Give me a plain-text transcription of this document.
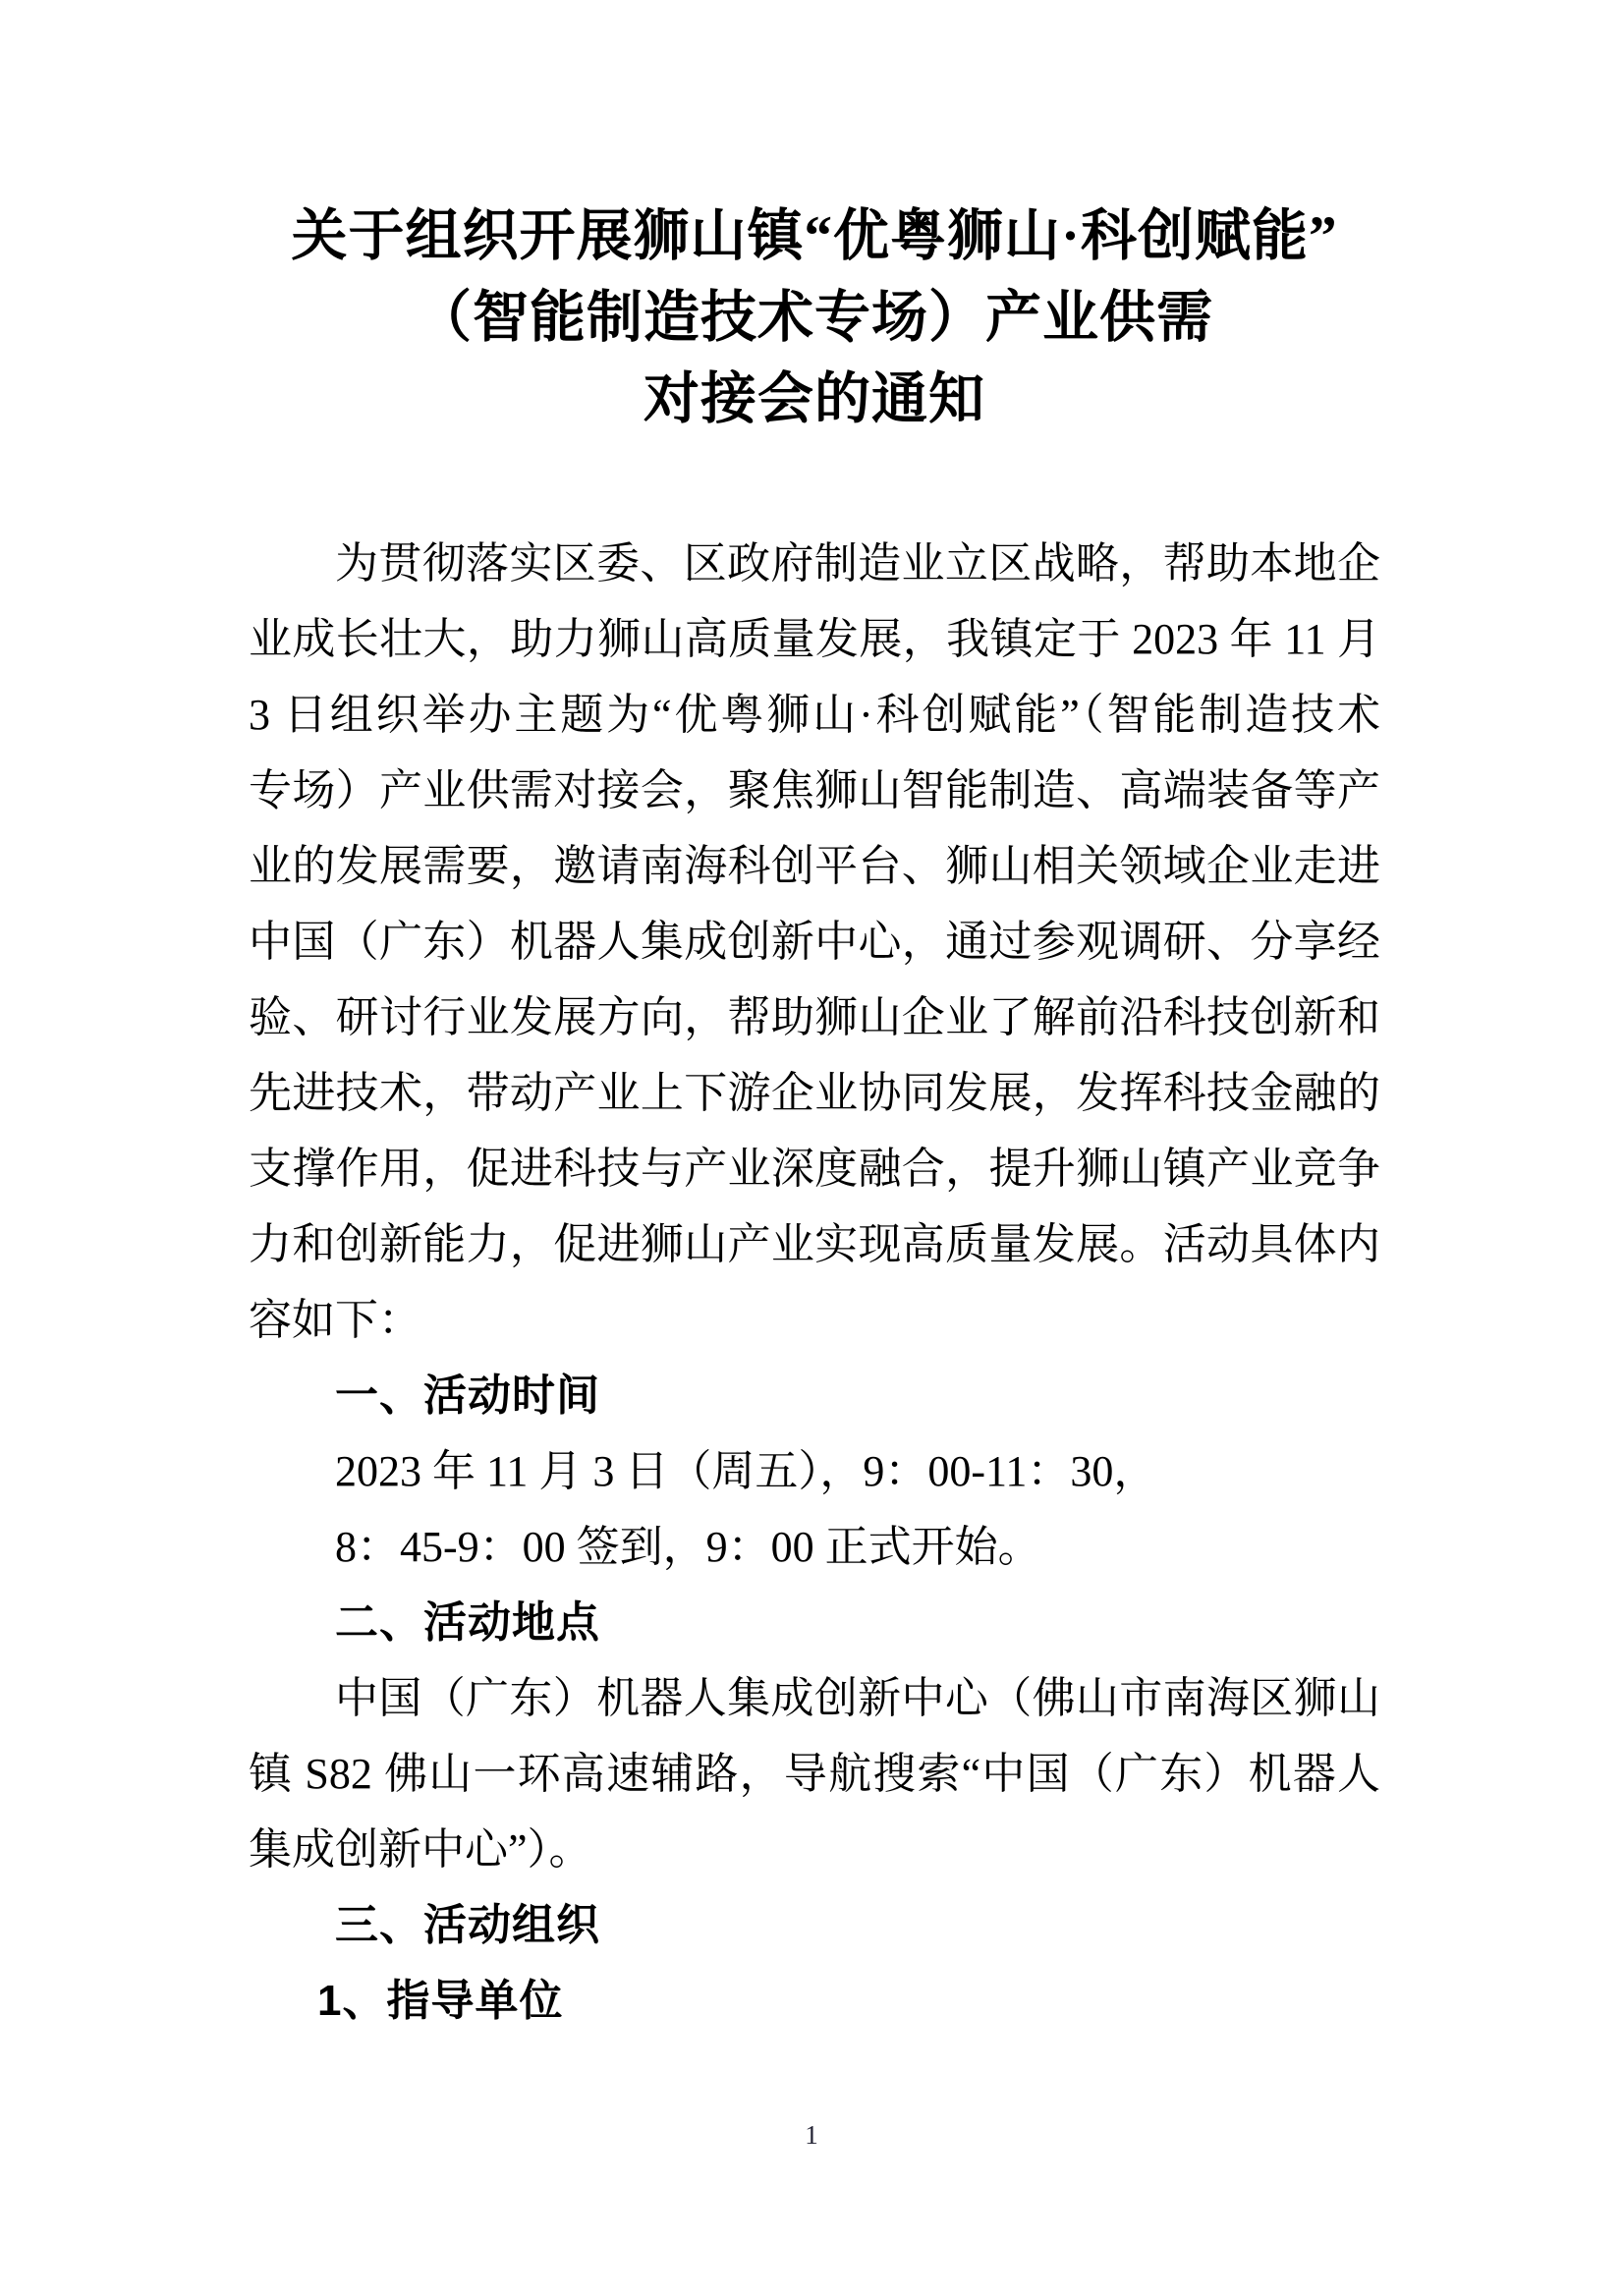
关于组织开展狮山镇“优粤狮山·科创赋能”
（智能制造技术专场）产业供需
对接会的通知
为贯彻落实区委、区政府制造业立区战略，帮助本地企
业成长壮大，助力狮山高质量发展，我镇定于 2023 年 11 月
3 日组织举办主题为“优粤狮山·科创赋能”（智能制造技术
专场）产业供需对接会，聚焦狮山智能制造、高端装备等产
业的发展需要，邀请南海科创平台、狮山相关领域企业走进
中国（广东）机器人集成创新中心，通过参观调研、分享经
验、研讨行业发展方向，帮助狮山企业了解前沿科技创新和
先进技术，带动产业上下游企业协同发展，发挥科技金融的
支撑作用，促进科技与产业深度融合，提升狮山镇产业竞争
力和创新能力，促进狮山产业实现高质量发展。活动具体内
容如下：
一、活动时间
2023 年 11 月 3 日（周五），9：00-11：30，
8：45-9：00 签到，9：00 正式开始。
二、活动地点
中国（广东）机器人集成创新中心（佛山市南海区狮山
镇 S82 佛山一环高速辅路，导航搜索“中国（广东）机器人
集成创新中心”）。
三、活动组织
1、指导单位
1
